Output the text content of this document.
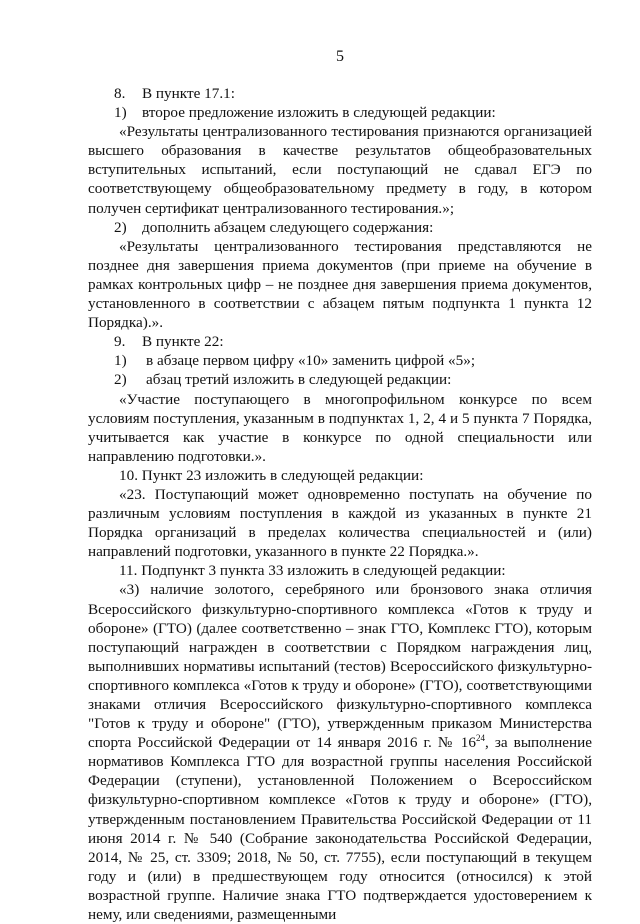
5
8.	В пункте 17.1:
1)	второе предложение изложить в следующей редакции:

«Результаты централизованного тестирования признаются организацией высшего образования в качестве результатов общеобразовательных вступительных испытаний, если поступающий не сдавал ЕГЭ по соответствующему общеобразовательному предмету в году, в котором получен сертификат централизованного тестирования.»;

2)	дополнить абзацем следующего содержания:

«Результаты централизованного тестирования представляются не позднее дня завершения приема документов (при приеме на обучение в рамках контрольных цифр – не позднее дня завершения приема документов, установленного в соответствии с абзацем пятым подпункта 1 пункта 12 Порядка).».

9.	В пункте 22:
1)	в абзаце первом цифру «10» заменить цифрой «5»;
2)	абзац третий изложить в следующей редакции:

«Участие поступающего в многопрофильном конкурсе по всем условиям поступления, указанным в подпунктах 1, 2, 4 и 5 пункта 7 Порядка, учитывается как участие в конкурсе по одной специальности или направлению подготовки.».

10. Пункт 23 изложить в следующей редакции:

«23. Поступающий может одновременно поступать на обучение по различным условиям поступления в каждой из указанных в пункте 21 Порядка организаций в пределах количества специальностей и (или) направлений подготовки, указанного в пункте 22 Порядка.».

11. Подпункт 3 пункта 33 изложить в следующей редакции:

«3) наличие золотого, серебряного или бронзового знака отличия Всероссийского физкультурно-спортивного комплекса «Готов к труду и обороне» (ГТО) (далее соответственно – знак ГТО, Комплекс ГТО), которым поступающий награжден в соответствии с Порядком награждения лиц, выполнивших нормативы испытаний (тестов) Всероссийского физкультурно-спортивного комплекса «Готов к труду и обороне» (ГТО), соответствующими знаками отличия Всероссийского физкультурно-спортивного комплекса "Готов к труду и обороне" (ГТО), утвержденным приказом Министерства спорта Российской Федерации от 14 января 2016 г. № $16^{24}$, за выполнение нормативов Комплекса ГТО для возрастной группы населения Российской Федерации (ступени), установленной Положением о Всероссийском физкультурно-спортивном комплексе «Готов к труду и обороне» (ГТО), утвержденным постановлением Правительства Российской Федерации от 11 июня 2014 г. № 540 (Собрание законодательства Российской Федерации, 2014, № 25, ст. 3309; 2018, № 50, ст. 7755), если поступающий в текущем году и (или) в предшествующем году относится (относился) к этой возрастной группе. Наличие знака ГТО подтверждается удостоверением к нему, или сведениями, размещенными
